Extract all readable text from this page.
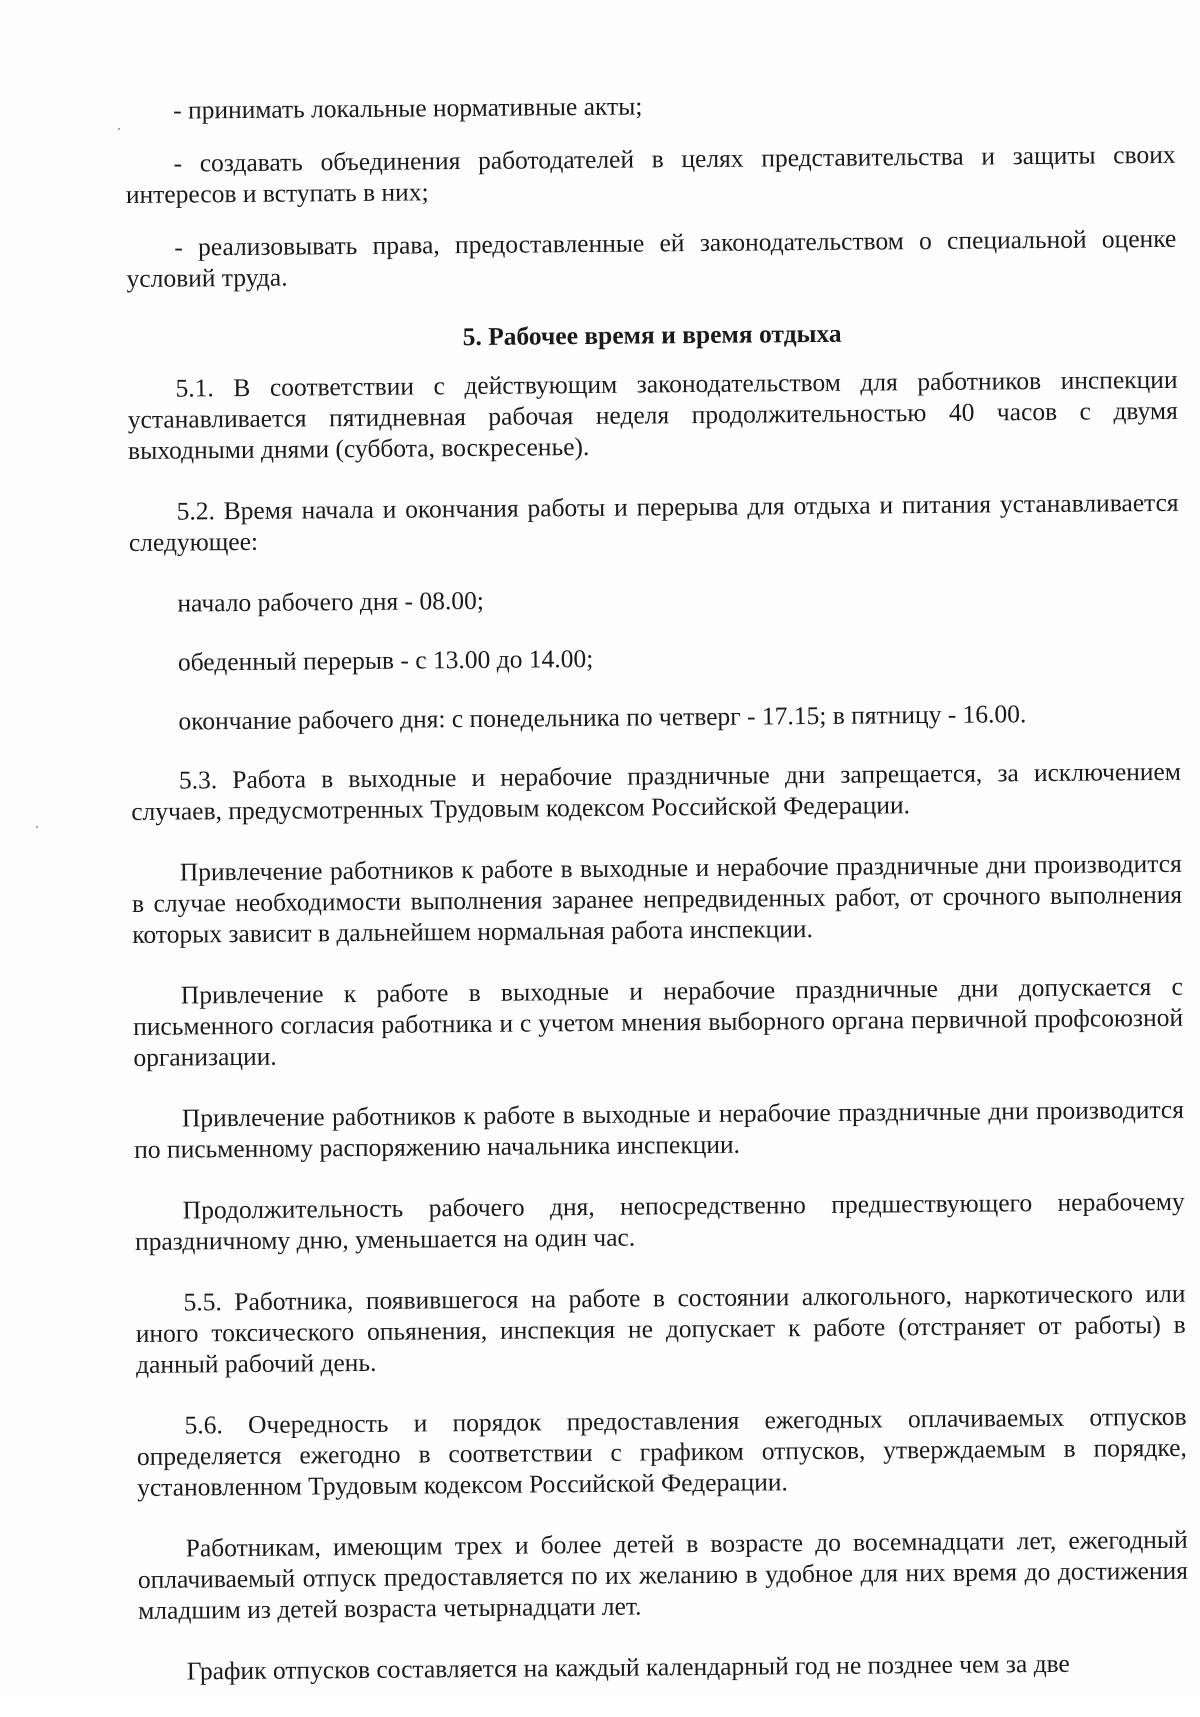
- принимать локальные нормативные акты;

- создавать объединения работодателей в целях представительства и защиты своих интересов и вступать в них;

- реализовывать права, предоставленные ей законодательством о специальной оценке условий труда.

5. Рабочее время и время отдыха

5.1. В соответствии с действующим законодательством для работников инспекции устанавливается пятидневная рабочая неделя продолжительностью 40 часов с двумя выходными днями (суббота, воскресенье).

5.2. Время начала и окончания работы и перерыва для отдыха и питания устанавливается следующее:

начало рабочего дня - 08.00;

обеденный перерыв - с 13.00 до 14.00;

окончание рабочего дня: с понедельника по четверг - 17.15; в пятницу - 16.00.

5.3. Работа в выходные и нерабочие праздничные дни запрещается, за исключением случаев, предусмотренных Трудовым кодексом Российской Федерации.

Привлечение работников к работе в выходные и нерабочие праздничные дни производится в случае необходимости выполнения заранее непредвиденных работ, от срочного выполнения которых зависит в дальнейшем нормальная работа инспекции.

Привлечение к работе в выходные и нерабочие праздничные дни допускается с письменного согласия работника и с учетом мнения выборного органа первичной профсоюзной организации.

Привлечение работников к работе в выходные и нерабочие праздничные дни производится по письменному распоряжению начальника инспекции.

Продолжительность рабочего дня, непосредственно предшествующего нерабочему праздничному дню, уменьшается на один час.

5.5. Работника, появившегося на работе в состоянии алкогольного, наркотического или иного токсического опьянения, инспекция не допускает к работе (отстраняет от работы) в данный рабочий день.

5.6. Очередность и порядок предоставления ежегодных оплачиваемых отпусков определяется ежегодно в соответствии с графиком отпусков, утверждаемым в порядке, установленном Трудовым кодексом Российской Федерации.

Работникам, имеющим трех и более детей в возрасте до восемнадцати лет, ежегодный оплачиваемый отпуск предоставляется по их желанию в удобное для них время до достижения младшим из детей возраста четырнадцати лет.

График отпусков составляется на каждый календарный год не позднее чем за две
